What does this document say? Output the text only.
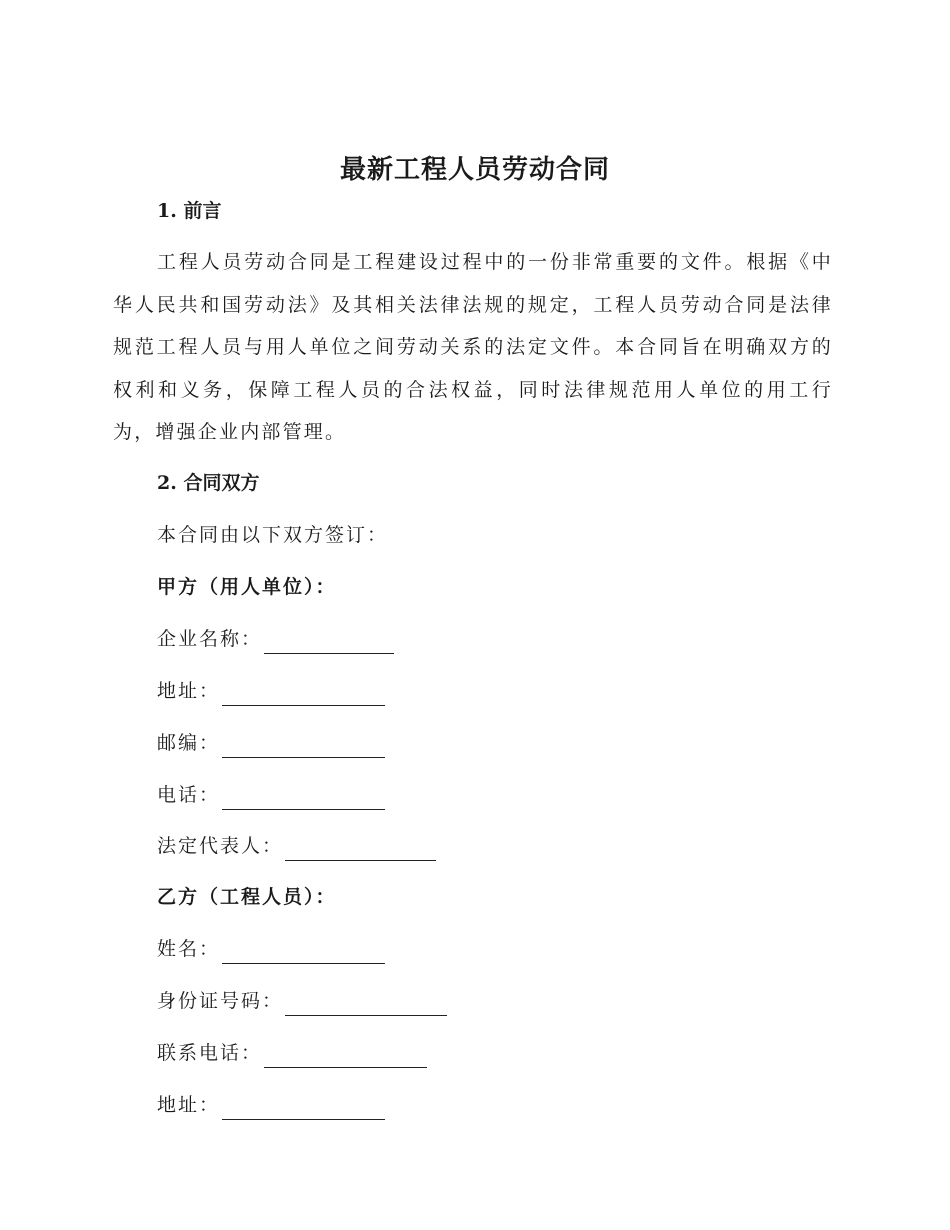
最新工程人员劳动合同
1. 前言
工程人员劳动合同是工程建设过程中的一份非常重要的文件。根据《中华人民共和国劳动法》及其相关法律法规的规定，工程人员劳动合同是法律规范工程人员与用人单位之间劳动关系的法定文件。本合同旨在明确双方的权利和义务，保障工程人员的合法权益，同时法律规范用人单位的用工行为，增强企业内部管理。
2. 合同双方
本合同由以下双方签订：
甲方（用人单位）：
企业名称：
地址：
邮编：
电话：
法定代表人：
乙方（工程人员）：
姓名：
身份证号码：
联系电话：
地址：
